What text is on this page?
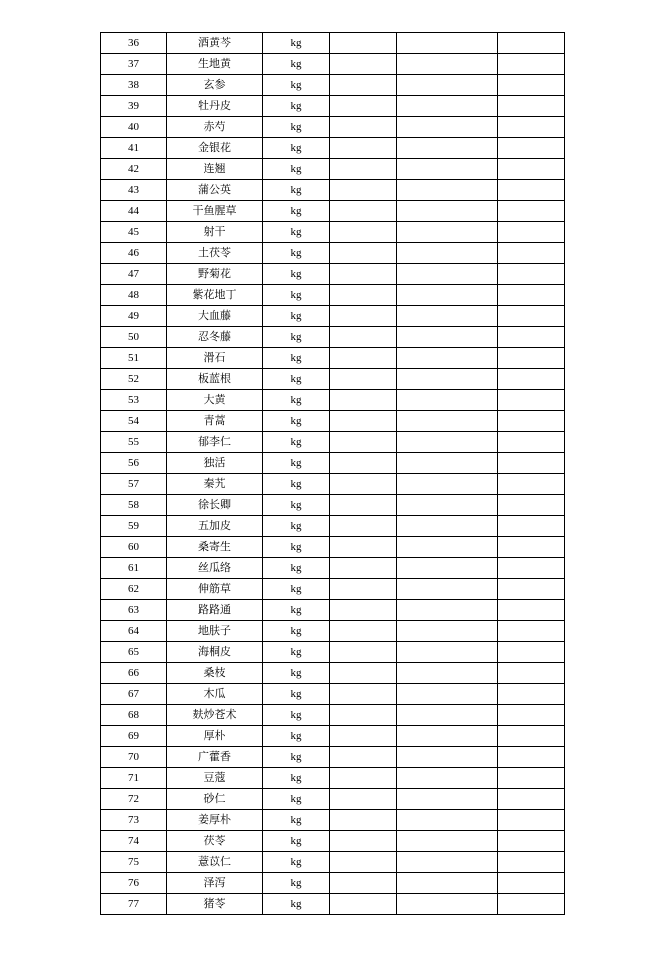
36	酒黄芩	kg			
37	生地黄	kg			
38	玄参	kg			
39	牡丹皮	kg			
40	赤芍	kg			
41	金银花	kg			
42	连翘	kg			
43	蒲公英	kg			
44	干鱼腥草	kg			
45	射干	kg			
46	土茯苓	kg			
47	野菊花	kg			
48	紫花地丁	kg			
49	大血藤	kg			
50	忍冬藤	kg			
51	滑石	kg			
52	板蓝根	kg			
53	大黄	kg			
54	青蒿	kg			
55	郁李仁	kg			
56	独活	kg			
57	秦艽	kg			
58	徐长卿	kg			
59	五加皮	kg			
60	桑寄生	kg			
61	丝瓜络	kg			
62	伸筋草	kg			
63	路路通	kg			
64	地肤子	kg			
65	海桐皮	kg			
66	桑枝	kg			
67	木瓜	kg			
68	麸炒苍术	kg			
69	厚朴	kg			
70	广藿香	kg			
71	豆蔻	kg			
72	砂仁	kg			
73	姜厚朴	kg			
74	茯苓	kg			
75	薏苡仁	kg			
76	泽泻	kg			
77	猪苓	kg			
